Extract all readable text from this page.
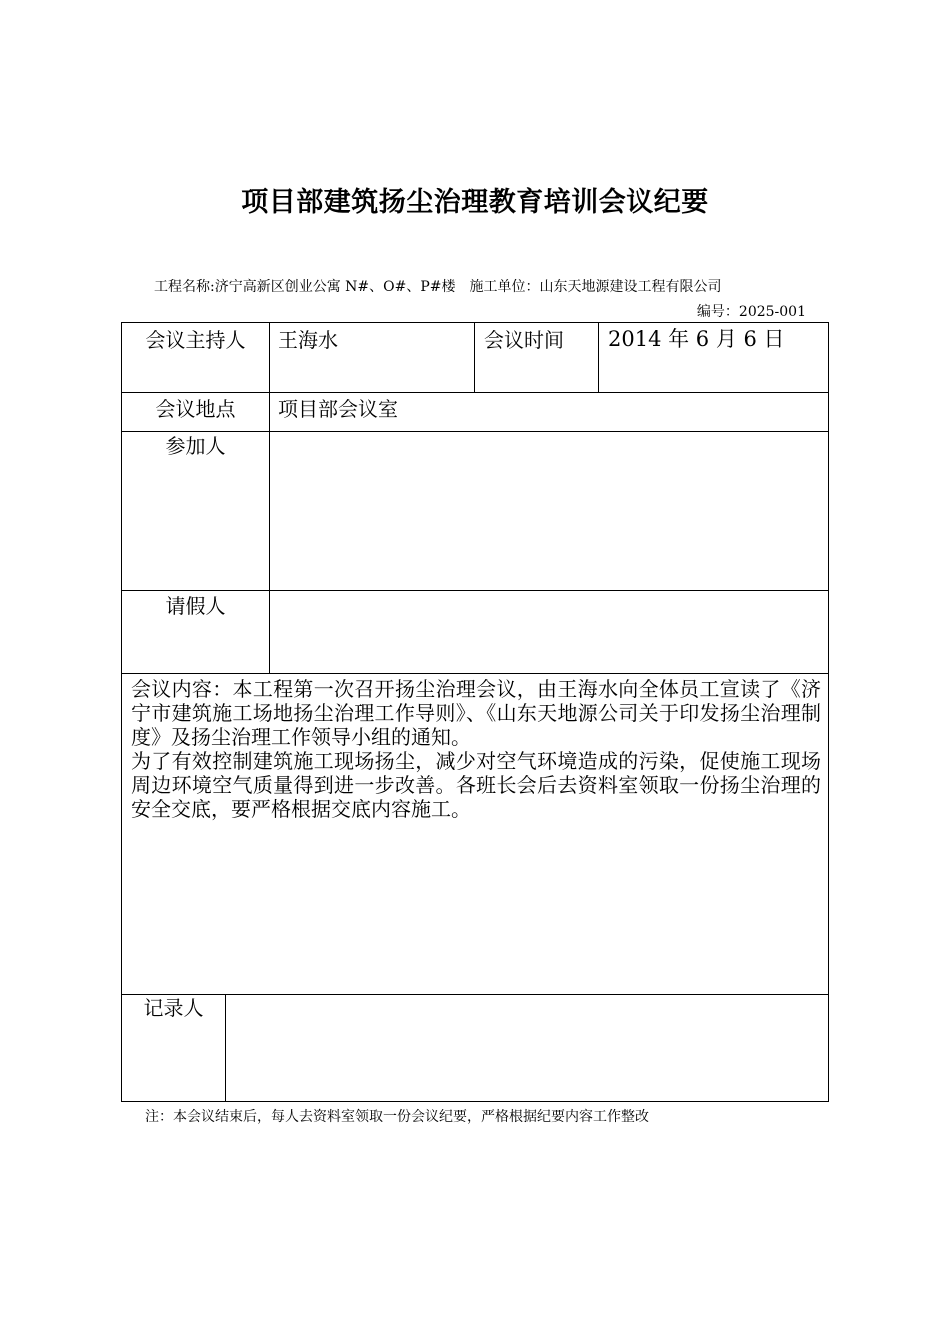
项目部建筑扬尘治理教育培训会议纪要
工程名称:济宁高新区创业公寓 N#、O#、P#楼　施工单位：山东天地源建设工程有限公司
编号：2025-001
会议主持人	王海水	会议时间 2014 年 6 月 6 日
会议地点	项目部会议室
参加人
请假人

会议内容：本工程第一次召开扬尘治理会议，由王海水向全体员工宣读了《济宁市建筑施工场地扬尘治理工作导则》、《山东天地源公司关于印发扬尘治理制度》及扬尘治理工作领导小组的通知。

为了有效控制建筑施工现场扬尘，减少对空气环境造成的污染，促使施工现场周边环境空气质量得到进一步改善。各班长会后去资料室领取一份扬尘治理的安全交底，要严格根据交底内容施工。

记录人
注：本会议结束后，每人去资料室领取一份会议纪要，严格根据纪要内容工作整改
